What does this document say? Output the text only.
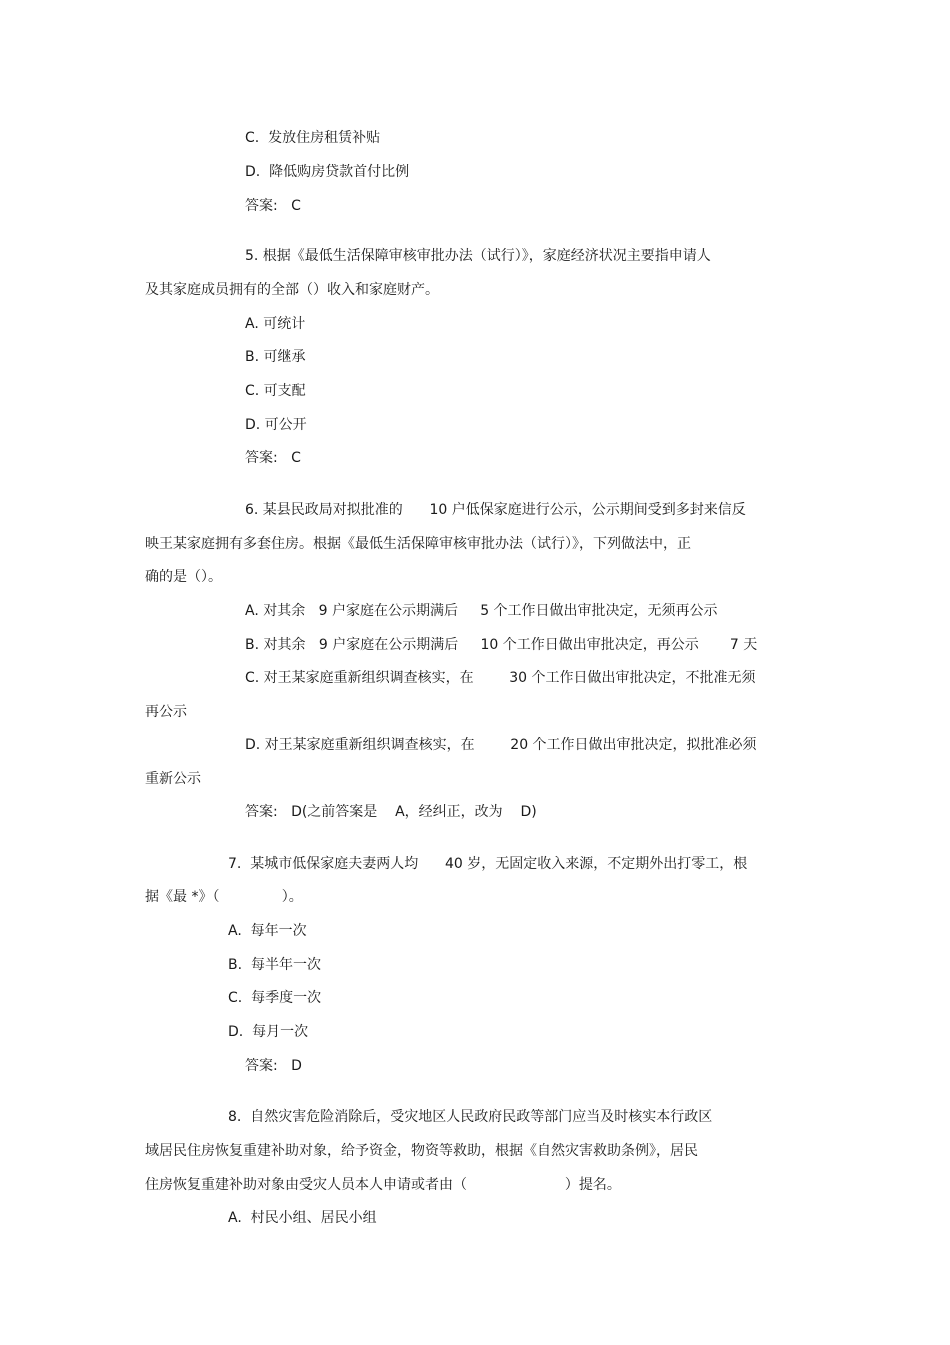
C.  发放住房租赁补贴
D.  降低购房贷款首付比例
答案:   C
5. 根据《最低生活保障审核审批办法（试行）》，家庭经济状况主要指申请人
及其家庭成员拥有的全部（）收入和家庭财产。
A. 可统计
B. 可继承
C. 可支配
D. 可公开
答案:   C
6. 某县民政局对拟批准的      10 户低保家庭进行公示，公示期间受到多封来信反
映王某家庭拥有多套住房。根据《最低生活保障审核审批办法（试行）》，下列做法中，正
确的是（）。
A. 对其余   9 户家庭在公示期满后     5 个工作日做出审批决定，无须再公示
B. 对其余   9 户家庭在公示期满后     10 个工作日做出审批决定，再公示       7 天
C. 对王某家庭重新组织调查核实，在        30 个工作日做出审批决定，不批准无须
再公示
D. 对王某家庭重新组织调查核实，在        20 个工作日做出审批决定，拟批准必须
重新公示
答案:   D(之前答案是    A，经纠正，改为    D)
7.  某城市低保家庭夫妻两人均      40 岁，无固定收入来源，不定期外出打零工，根
据《最 *》（              ）。
A.  每年一次
B.  每半年一次
C.  每季度一次
D.  每月一次
答案:   D
8.  自然灾害危险消除后，受灾地区人民政府民政等部门应当及时核实本行政区
域居民住房恢复重建补助对象，给予资金，物资等救助，根据《自然灾害救助条例》，居民
住房恢复重建补助对象由受灾人员本人申请或者由（                      ）提名。
A.  村民小组、居民小组
